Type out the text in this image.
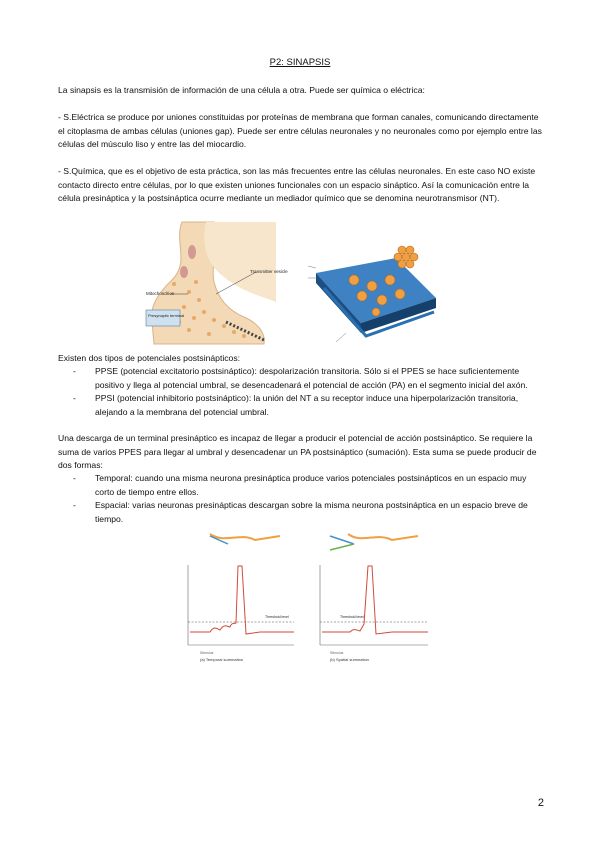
P2: SINAPSIS

La sinapsis es la transmisión de información de una célula a otra. Puede ser química o eléctrica:

- S.Eléctrica se produce por uniones constituidas por proteínas de membrana que forman canales, comunicando directamente el citoplasma de ambas células (uniones gap). Puede ser entre células neuronales y no neuronales como por ejemplo entre las células del músculo liso y entre las del miocardio.

- S.Química, que es el objetivo de esta práctica, son las más frecuentes entre las células neuronales. En este caso NO existe contacto directo entre células, por lo que existen uniones funcionales con un espacio sináptico. Así la comunicación entre la célula presináptica y la postsináptica ocurre mediante un mediador químico que se denomina neurotransmisor (NT).

Transmitter vesicle
Mitochondrion
Presynaptic terminal

Existen dos tipos de potenciales postsinápticos:

- PPSE (potencial excitatorio postsináptico): despolarización transitoria. Sólo si el PPES se hace suficientemente positivo y llega al potencial umbral, se desencadenará el potencial de acción (PA) en el segmento inicial del axón.
- PPSI (potencial inhibitorio postsináptico): la unión del NT a su receptor induce una hiperpolarización transitoria, alejando a la membrana del potencial umbral.

Una descarga de un terminal presináptico es incapaz de llegar a producir el potencial de acción postsináptico. Se requiere la suma de varios PPES para llegar al umbral y desencadenar un PA postsináptico (sumación). Esta suma se puede producir de dos formas:

- Temporal: cuando una misma neurona presináptica produce varios potenciales postsinápticos en un espacio muy corto de tiempo entre ellos.
- Espacial: varias neuronas presinápticas descargan sobre la misma neurona postsináptica en un espacio breve de tiempo.
Threshold level
(a) Temporal summation
Stimulus
Threshold level
(b) Spatial summation
Stimulus
2
